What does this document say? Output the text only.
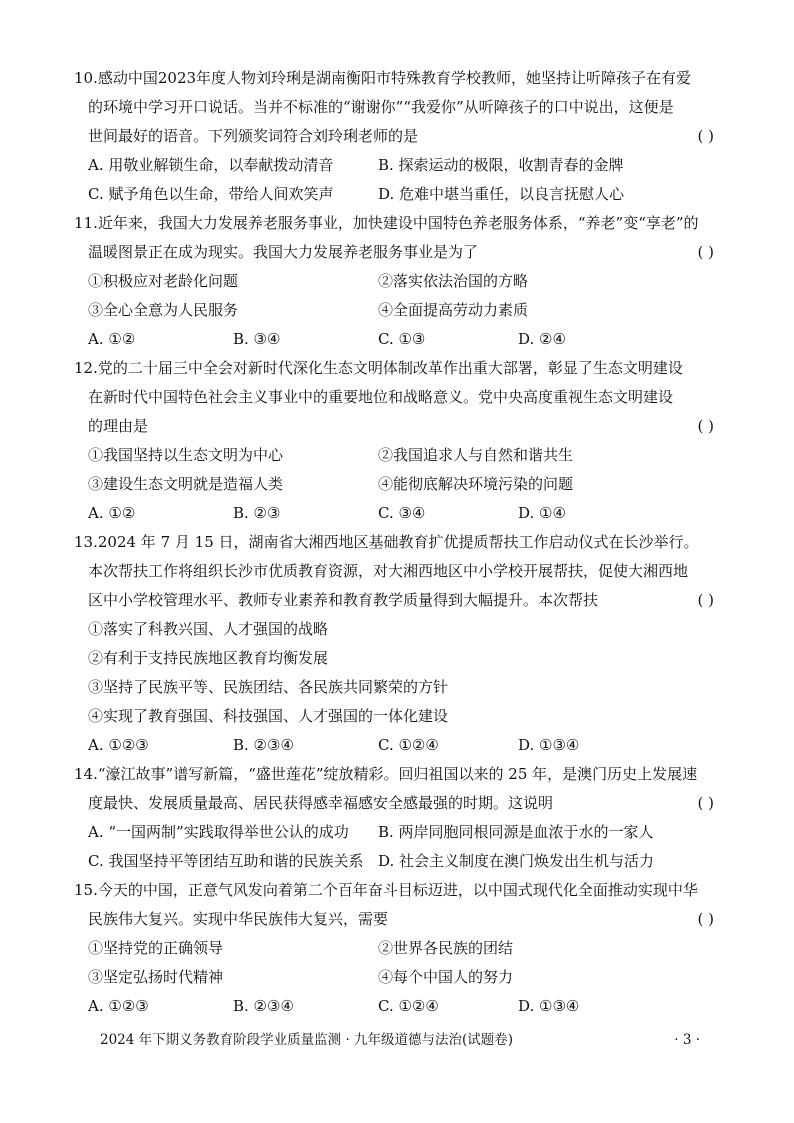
10.感动中国2023年度人物刘玲琍是湖南衡阳市特殊教育学校教师，她坚持让听障孩子在有爱
的环境中学习开口说话。当并不标准的“谢谢你”“我爱你”从听障孩子的口中说出，这便是
世间最好的语音。下列颁奖词符合刘玲琍老师的是	( )
A. 用敬业解锁生命，以奉献拨动清音	B. 探索运动的极限，收割青春的金牌
C. 赋予角色以生命，带给人间欢笑声	D. 危难中堪当重任，以良言抚慰人心
11.近年来，我国大力发展养老服务事业，加快建设中国特色养老服务体系，“养老”变“享老”的
温暖图景正在成为现实。我国大力发展养老服务事业是为了	( )
①积极应对老龄化问题	②落实依法治国的方略
③全心全意为人民服务	④全面提高劳动力素质
A. ①②	B. ③④	C. ①③	D. ②④
12.党的二十届三中全会对新时代深化生态文明体制改革作出重大部署，彰显了生态文明建设
在新时代中国特色社会主义事业中的重要地位和战略意义。党中央高度重视生态文明建设
的理由是	( )
①我国坚持以生态文明为中心	②我国追求人与自然和谐共生
③建设生态文明就是造福人类	④能彻底解决环境污染的问题
A. ①②	B. ②③	C. ③④	D. ①④
13.2024 年 7 月 15 日，湖南省大湘西地区基础教育扩优提质帮扶工作启动仪式在长沙举行。
本次帮扶工作将组织长沙市优质教育资源，对大湘西地区中小学校开展帮扶，促使大湘西地
区中小学校管理水平、教师专业素养和教育教学质量得到大幅提升。本次帮扶	( )
①落实了科教兴国、人才强国的战略
②有利于支持民族地区教育均衡发展
③坚持了民族平等、民族团结、各民族共同繁荣的方针
④实现了教育强国、科技强国、人才强国的一体化建设
A. ①②③	B. ②③④	C. ①②④	D. ①③④
14.“濠江故事”谱写新篇，“盛世莲花”绽放精彩。回归祖国以来的 25 年，是澳门历史上发展速
度最快、发展质量最高、居民获得感幸福感安全感最强的时期。这说明	( )
A. “一国两制”实践取得举世公认的成功 B. 两岸同胞同根同源是血浓于水的一家人
C. 我国坚持平等团结互助和谐的民族关系 D. 社会主义制度在澳门焕发出生机与活力
15.今天的中国，正意气风发向着第二个百年奋斗目标迈进，以中国式现代化全面推动实现中华
民族伟大复兴。实现中华民族伟大复兴，需要	( )
①坚持党的正确领导	②世界各民族的团结
③坚定弘扬时代精神	④每个中国人的努力
A. ①②③	B. ②③④	C. ①②④	D. ①③④
2024 年下期义务教育阶段学业质量监测 · 九年级道德与法治(试题卷)	· 3 ·
